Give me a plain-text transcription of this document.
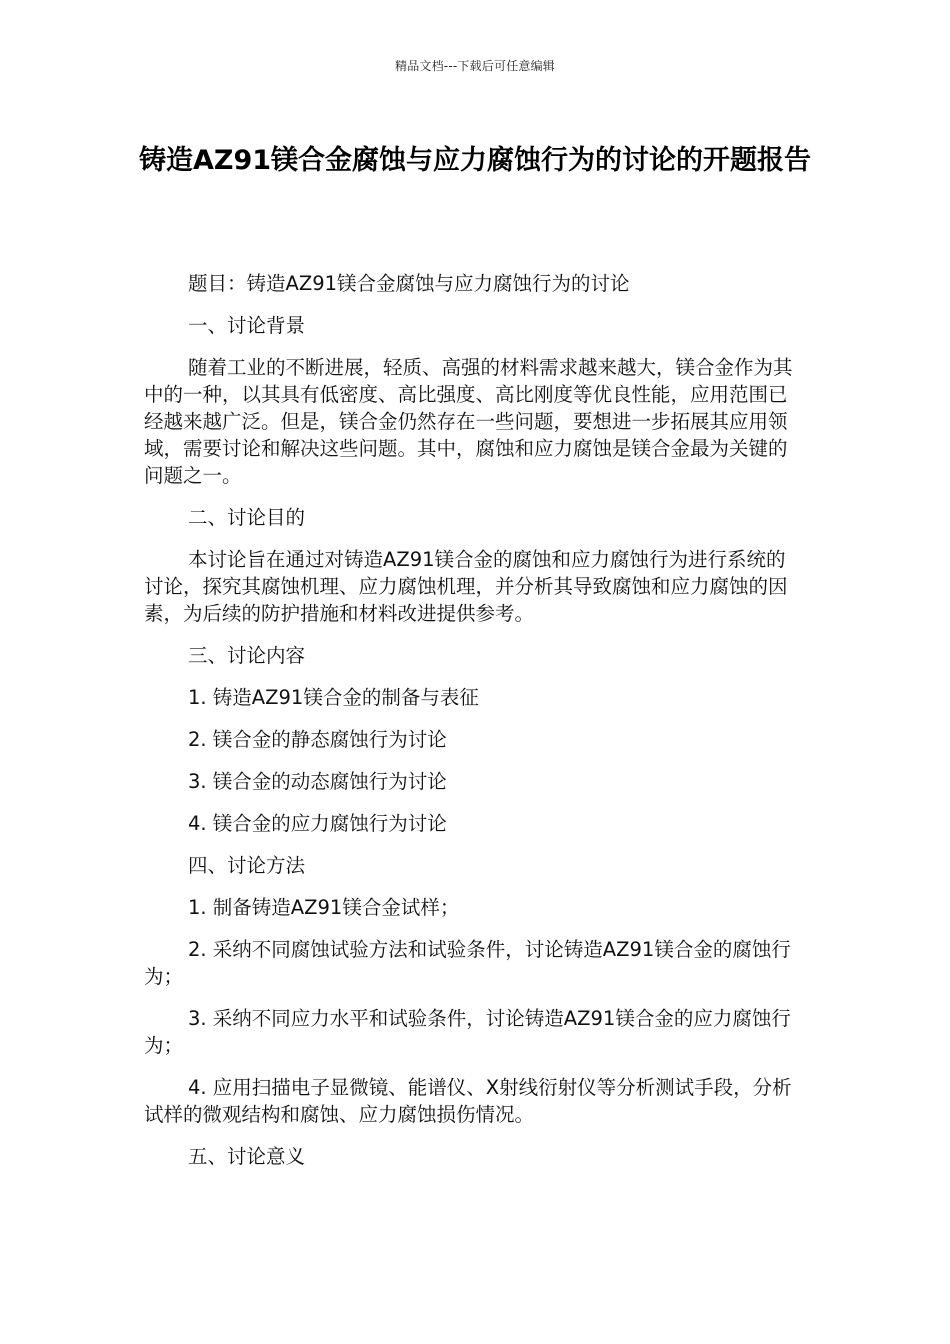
精品文档---下载后可任意编辑
铸造AZ91镁合金腐蚀与应力腐蚀行为的讨论的开题报告

题目：铸造AZ91镁合金腐蚀与应力腐蚀行为的讨论

一、讨论背景

随着工业的不断进展，轻质、高强的材料需求越来越大，镁合金作为其中的一种，以其具有低密度、高比强度、高比刚度等优良性能，应用范围已经越来越广泛。但是，镁合金仍然存在一些问题，要想进一步拓展其应用领域，需要讨论和解决这些问题。其中，腐蚀和应力腐蚀是镁合金最为关键的问题之一。

二、讨论目的

本讨论旨在通过对铸造AZ91镁合金的腐蚀和应力腐蚀行为进行系统的讨论，探究其腐蚀机理、应力腐蚀机理，并分析其导致腐蚀和应力腐蚀的因素，为后续的防护措施和材料改进提供参考。

三、讨论内容

1. 铸造AZ91镁合金的制备与表征

2. 镁合金的静态腐蚀行为讨论

3. 镁合金的动态腐蚀行为讨论

4. 镁合金的应力腐蚀行为讨论

四、讨论方法

1. 制备铸造AZ91镁合金试样；

2. 采纳不同腐蚀试验方法和试验条件，讨论铸造AZ91镁合金的腐蚀行为；

3. 采纳不同应力水平和试验条件，讨论铸造AZ91镁合金的应力腐蚀行为；

4. 应用扫描电子显微镜、能谱仪、X射线衍射仪等分析测试手段，分析试样的微观结构和腐蚀、应力腐蚀损伤情况。

五、讨论意义
